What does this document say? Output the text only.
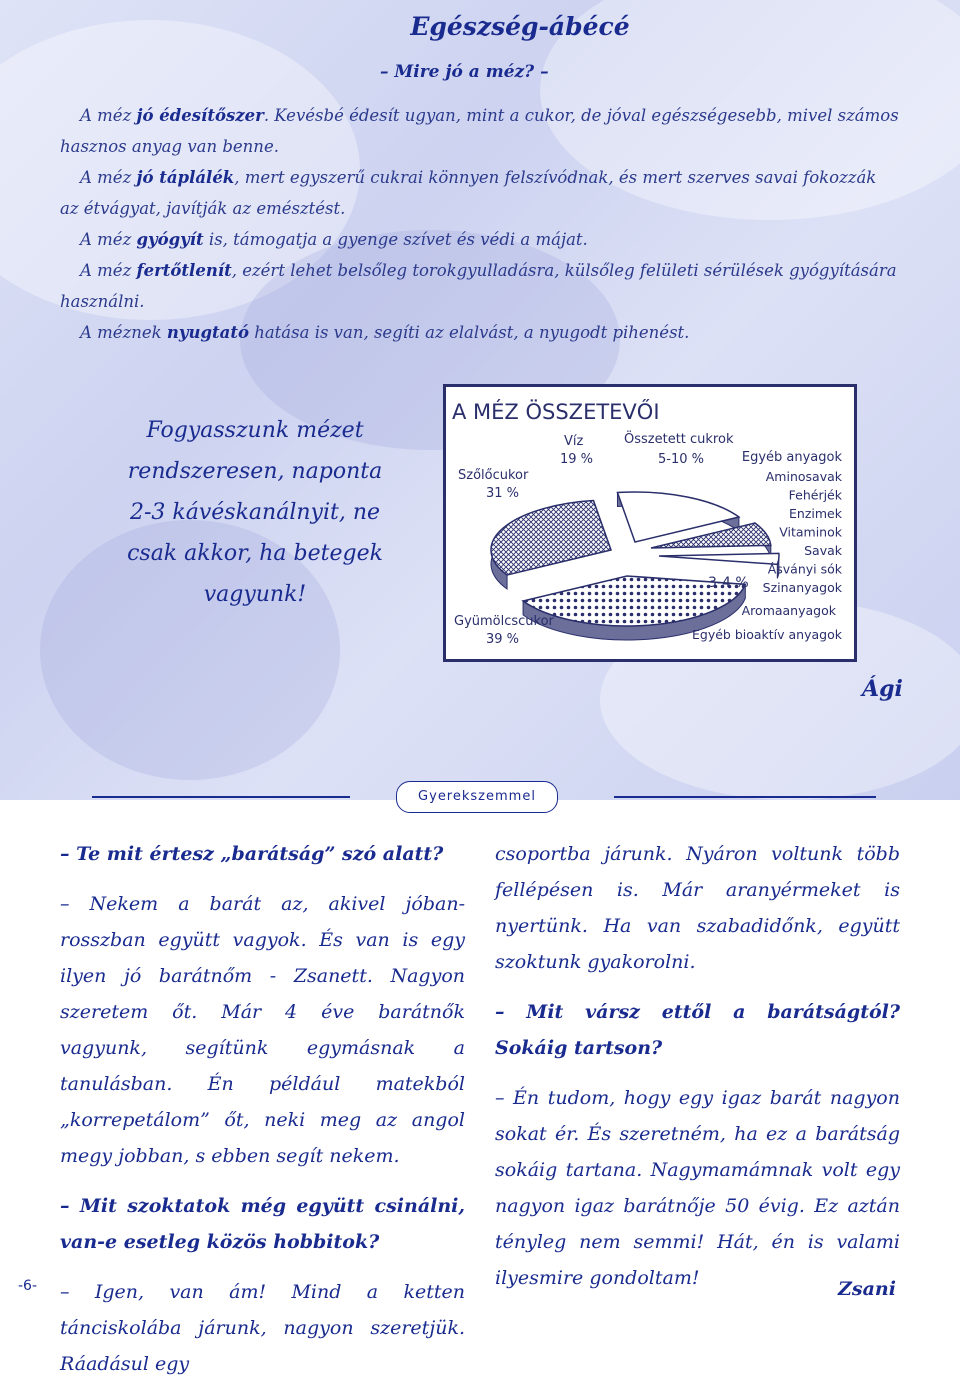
Egészség-ábécé
– Mire jó a méz? –

A méz jó édesítőszer. Kevésbé édesít ugyan, mint a cukor, de jóval egészségesebb, mivel számos hasznos anyag van benne.

A méz jó táplálék, mert egyszerű cukrai könnyen felszívódnak, és mert szerves savai fokozzák az étvágyat, javítják az emésztést.

A méz gyógyít is, támogatja a gyenge szívet és védi a májat.

A méz fertőtlenít, ezért lehet belsőleg torokgyulladásra, külsőleg felületi sérülések gyógyítására használni.

A méznek nyugtató hatása is van, segíti az elalvást, a nyugodt pihenést.

Fogyasszunk mézet rendszeresen, naponta 2-3 kávéskanálnyit, ne csak akkor, ha betegek vagyunk!
A MÉZ ÖSSZETEVŐI
Szőlőcukor
31 %
Víz
19 %
Összetett cukrok
5-10 %
3-4 %
Gyümölcscukor
39 %
Egyéb anyagok
Aminosavak
Fehérjék
Enzimek
Vitaminok
Savak
Ásványi sók
Szinanyagok
Aromaanyagok
Egyéb bioaktív anyagok
Ági
Gyerekszemmel

– Te mit értesz „barátság” szó alatt?

– Nekem a barát az, akivel jóban-rosszban együtt vagyok. És van is egy ilyen jó barátnőm - Zsanett. Nagyon szeretem őt. Már 4 éve barátnők vagyunk, segítünk egymásnak a tanulásban. Én például matekból „korrepetálom” őt, neki meg az angol megy jobban, s ebben segít nekem.

– Mit szoktatok még együtt csinálni, van-e esetleg közös hobbitok?

– Igen, van ám! Mind a ketten tánciskolába járunk, nagyon szeretjük. Ráadásul egy

csoportba járunk. Nyáron voltunk több fellépésen is. Már aranyérmeket is nyertünk. Ha van szabadidőnk, együtt szoktunk gyakorolni.

– Mit vársz ettől a barátságtól? Sokáig tartson?

– Én tudom, hogy egy igaz barát nagyon sokat ér. És szeretném, ha ez a barátság sokáig tartana. Nagymamámnak volt egy nagyon igaz barátnője 50 évig. Ez aztán tényleg nem semmi! Hát, én is valami ilyesmire gondoltam!

-6-	Zsani
